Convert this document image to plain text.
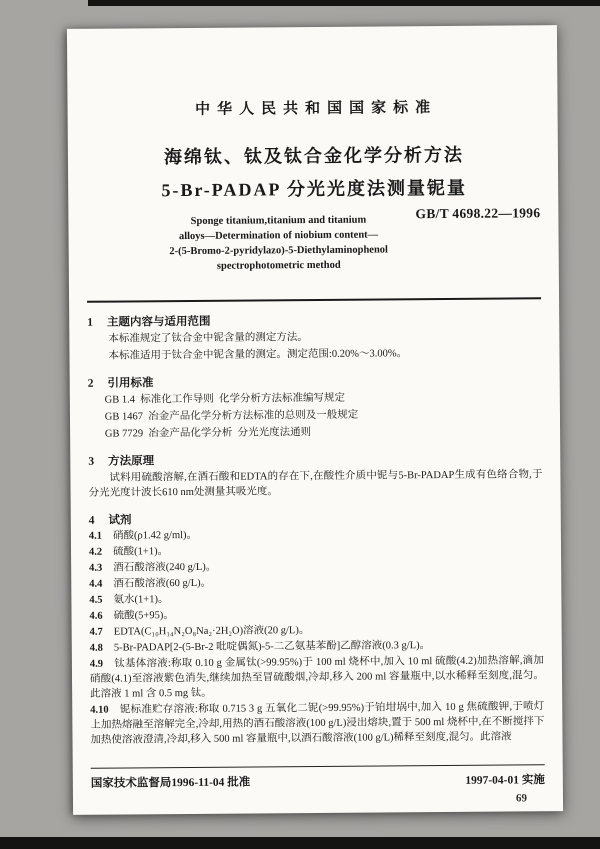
中华人民共和国国家标准
海绵钛、钛及钛合金化学分析方法
5-Br-PADAP 分光光度法测量铌量
Sponge titanium,titanium and titanium
alloys—Determination of niobium content—
2-(5-Bromo-2-pyridylazo)-5-Diethylaminophenol
spectrophotometric method
GB/T 4698.22—1996
1 主题内容与适用范围

本标准规定了钛合金中铌含量的测定方法。

本标准适用于钛合金中铌含量的测定。测定范围:0.20%～3.00%。

2 引用标准

GB 1.4  标准化工作导则  化学分析方法标准编写规定

GB 1467  冶金产品化学分析方法标准的总则及一般规定

GB 7729  冶金产品化学分析  分光光度法通则

3 方法原理

试料用硫酸溶解,在酒石酸和EDTA的存在下,在酸性介质中铌与5-Br-PADAP生成有色络合物,于分光光度计波长610 nm处测量其吸光度。

4 试剂

4.1 硝酸(ρ1.42 g/ml)。

4.2 硫酸(1+1)。

4.3 酒石酸溶液(240 g/L)。

4.4 酒石酸溶液(60 g/L)。

4.5 氨水(1+1)。

4.6 硫酸(5+95)。

4.7 EDTA(C₁₀H₁₄N₂O₈Na₂·2H₂O)溶液(20 g/L)。

4.8 5-Br-PADAP[2-(5-Br-2 吡啶偶氮)-5-二乙氨基苯酚]乙醇溶液(0.3 g/L)。

4.9 钛基体溶液:称取 0.10 g 金属钛(>99.95%)于 100 ml 烧杯中,加入 10 ml 硫酸(4.2)加热溶解,滴加硝酸(4.1)至溶液紫色消失,继续加热至冒硫酸烟,冷却,移入 200 ml 容量瓶中,以水稀释至刻度,混匀。此溶液 1 ml 含 0.5 mg 钛。

4.10 铌标准贮存溶液:称取 0.715 3 g 五氧化二铌(>99.95%)于铂坩埚中,加入 10 g 焦硫酸钾,于喷灯上加热熔融至溶解完全,冷却,用热的酒石酸溶液(100 g/L)浸出熔块,置于 500 ml 烧杯中,在不断搅拌下加热使溶液澄清,冷却,移入 500 ml 容量瓶中,以酒石酸溶液(100 g/L)稀释至刻度,混匀。此溶液

国家技术监督局1996-11-04 批准	1997-04-01 实施
69
